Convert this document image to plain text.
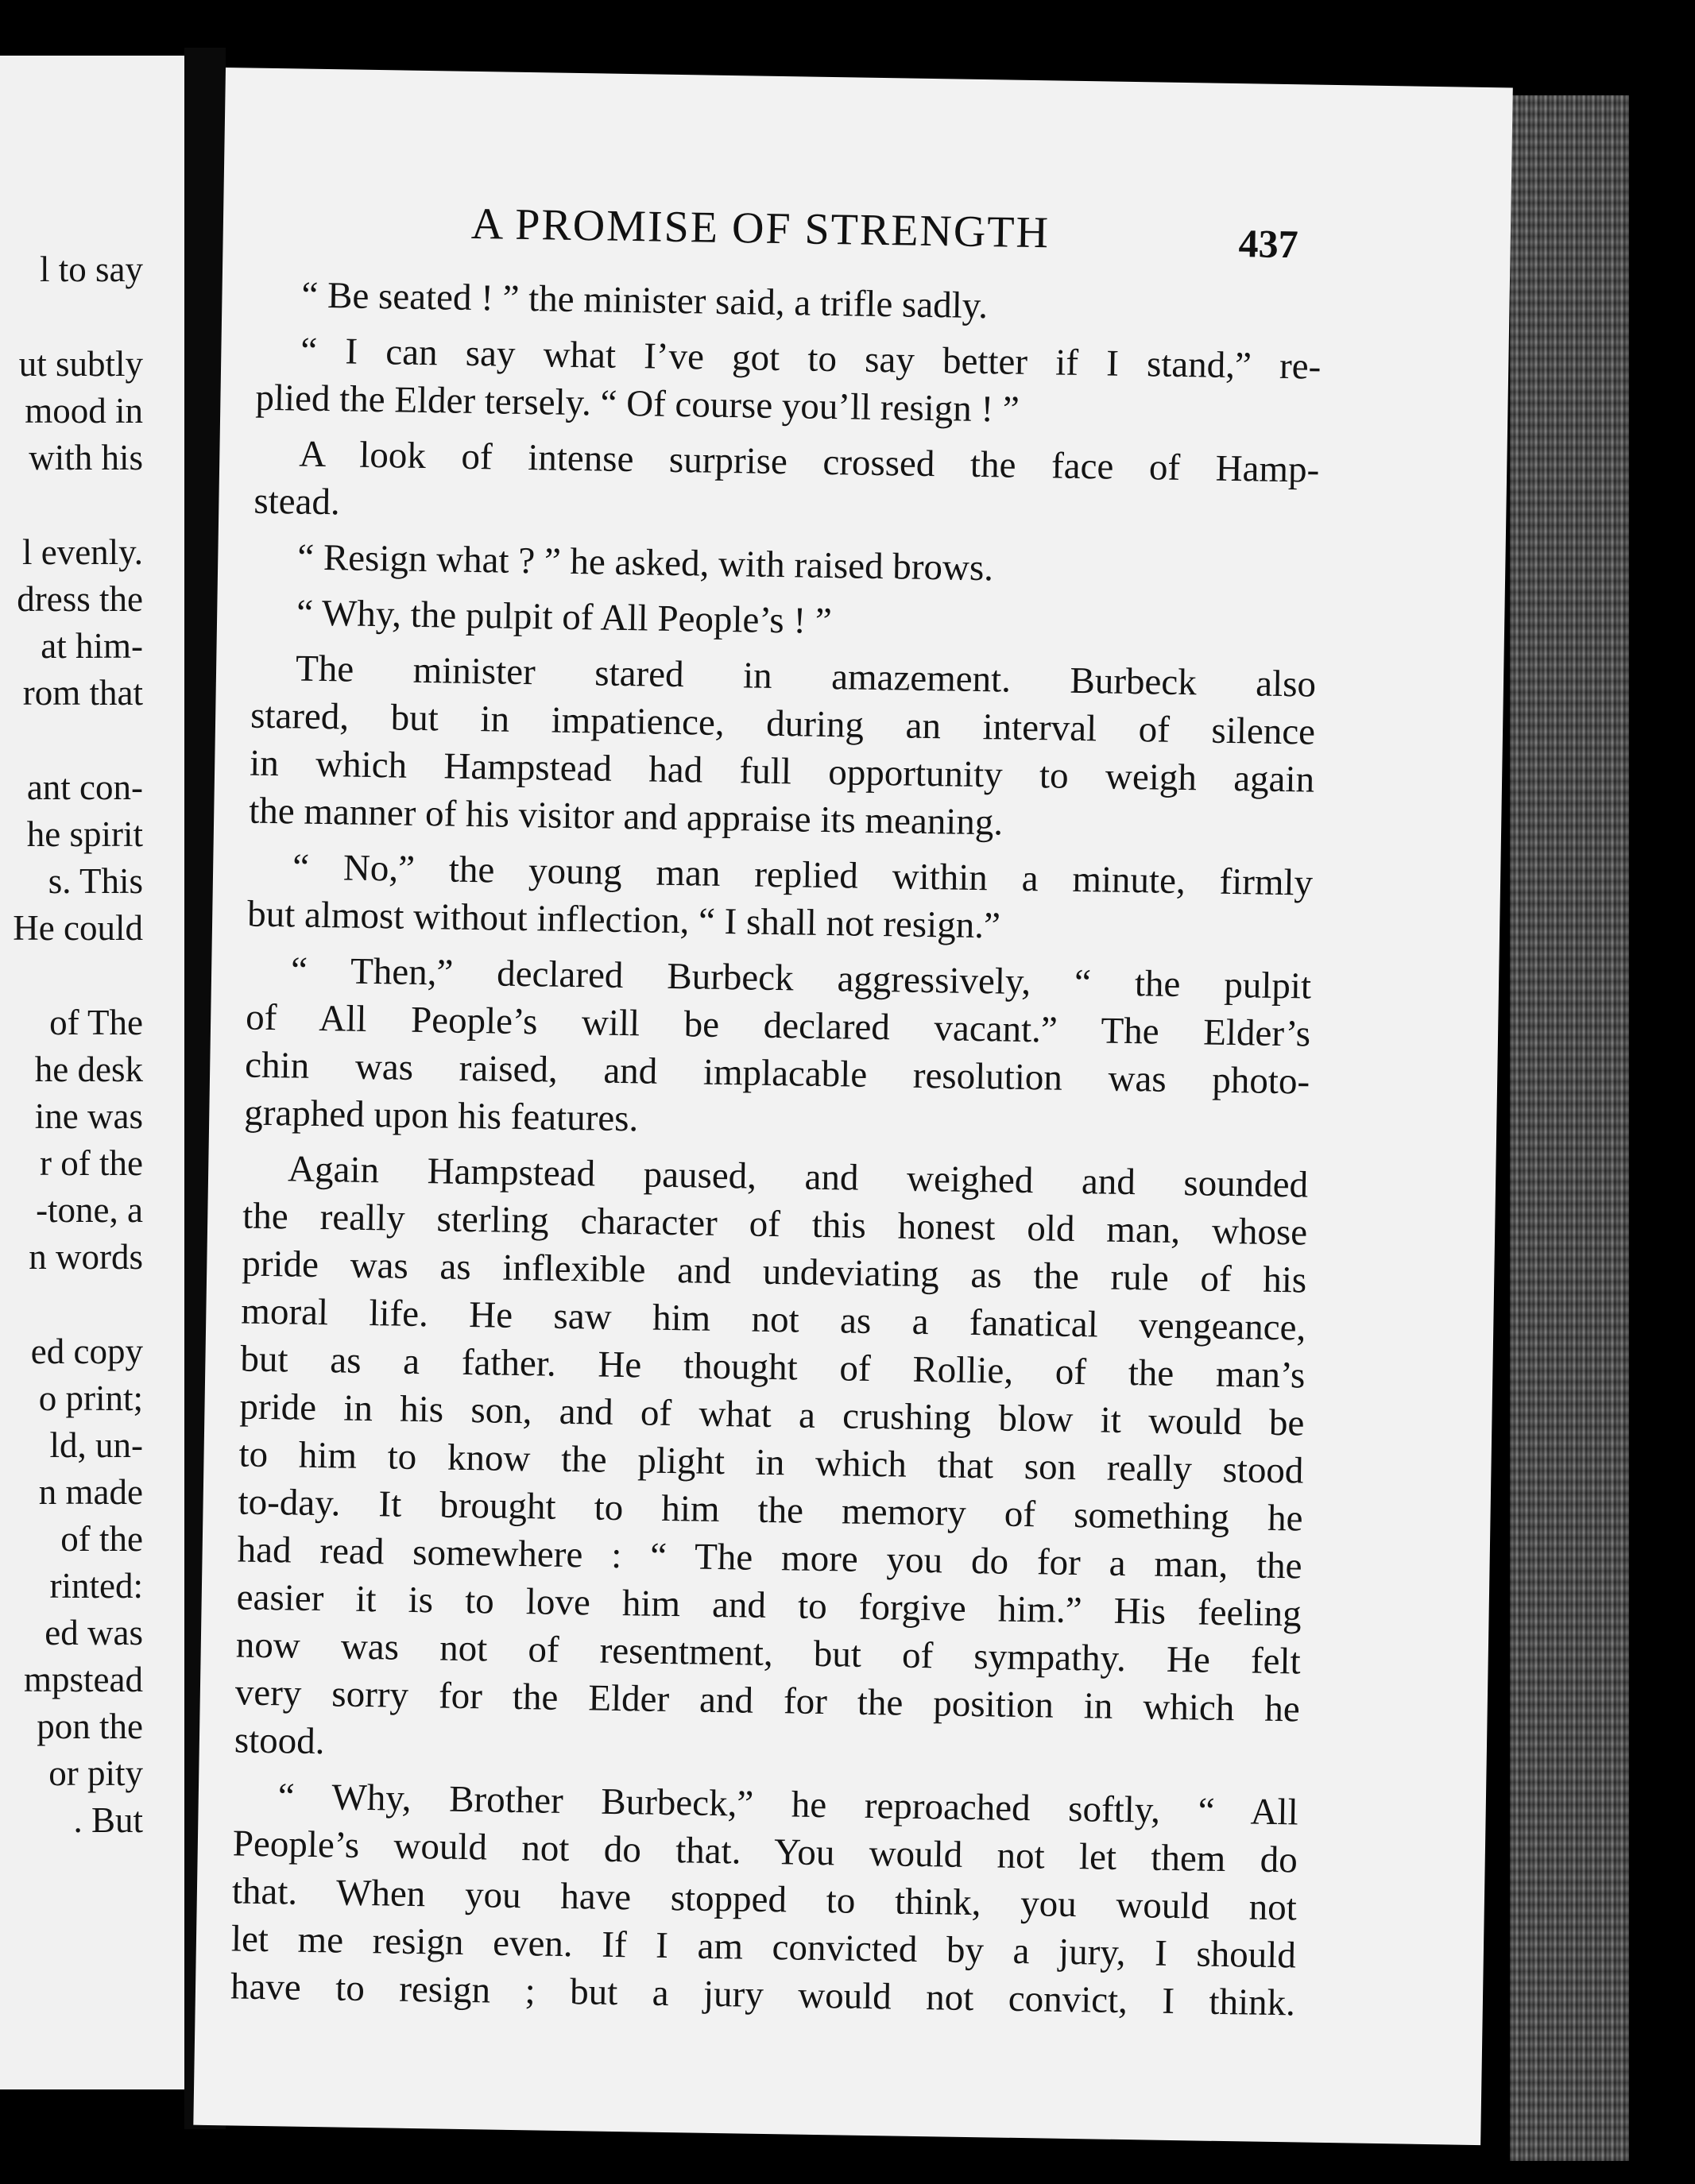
l to say

ut subtly
mood in
with his

l evenly.
dress the
at him-
rom that

ant con-
he spirit
s. This
He could

of The
he desk
ine was
r of the
-tone, a
n words

ed copy
o print;
ld, un-
n made
of the
rinted:
ed was
mpstead
pon the
or pity
. But
A PROMISE OF STRENGTH	437
“ Be seated ! ” the minister said, a trifle sadly.
“ I can say what I’ve got to say better if I stand,” re-
plied the Elder tersely. “ Of course you’ll resign ! ”
A look of intense surprise crossed the face of Hamp-
stead.
“ Resign what ? ” he asked, with raised brows.
“ Why, the pulpit of All People’s ! ”
The minister stared in amazement. Burbeck also
stared, but in impatience, during an interval of silence
in which Hampstead had full opportunity to weigh again
the manner of his visitor and appraise its meaning.
“ No,” the young man replied within a minute, firmly
but almost without inflection, “ I shall not resign.”
“ Then,” declared Burbeck aggressively, “ the pulpit
of All People’s will be declared vacant.” The Elder’s
chin was raised, and implacable resolution was photo-
graphed upon his features.
Again Hampstead paused, and weighed and sounded
the really sterling character of this honest old man, whose
pride was as inflexible and undeviating as the rule of his
moral life. He saw him not as a fanatical vengeance,
but as a father. He thought of Rollie, of the man’s
pride in his son, and of what a crushing blow it would be
to him to know the plight in which that son really stood
to-day. It brought to him the memory of something he
had read somewhere : “ The more you do for a man, the
easier it is to love him and to forgive him.” His feeling
now was not of resentment, but of sympathy. He felt
very sorry for the Elder and for the position in which he
stood.
“ Why, Brother Burbeck,” he reproached softly, “ All
People’s would not do that. You would not let them do
that. When you have stopped to think, you would not
let me resign even. If I am convicted by a jury, I should
have to resign ; but a jury would not convict, I think.
